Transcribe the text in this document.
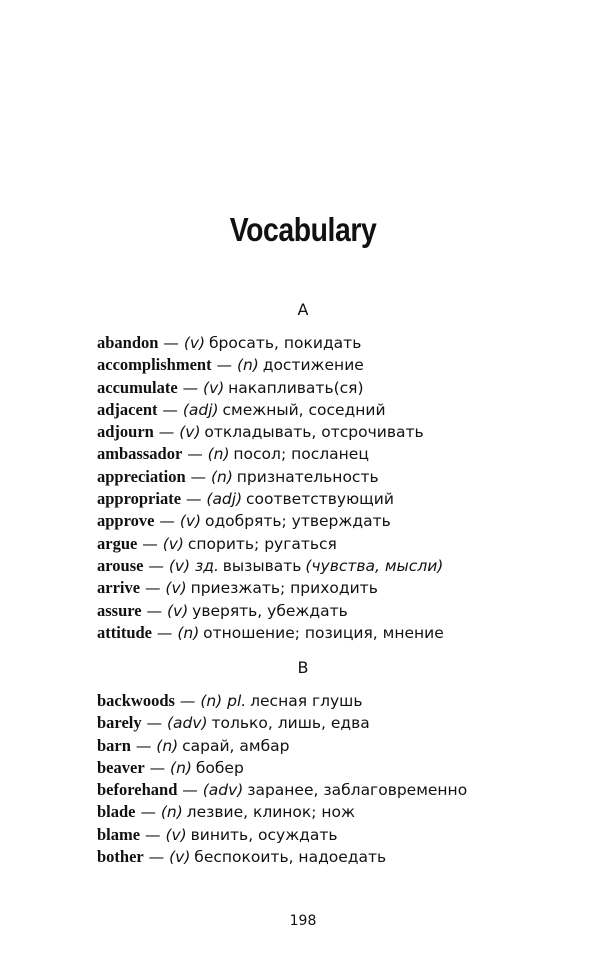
Vocabulary
A
abandon — (v) бросать, покидать
accomplishment — (n) достижение
accumulate — (v) накапливать(ся)
adjacent — (adj) смежный, соседний
adjourn — (v) откладывать, отсрочивать
ambassador — (n) посол; посланец
appreciation — (n) признательность
appropriate — (adj) соответствующий
approve — (v) одобрять; утверждать
argue — (v) спорить; ругаться
arouse — (v) зд. вызывать (чувства, мысли)
arrive — (v) приезжать; приходить
assure — (v) уверять, убеждать
attitude — (n) отношение; позиция, мнение
B
backwoods — (n) pl. лесная глушь
barely — (adv) только, лишь, едва
barn — (n) сарай, амбар
beaver — (n) бобер
beforehand — (adv) заранее, заблаговременно
blade — (n) лезвие, клинок; нож
blame — (v) винить, осуждать
bother — (v) беспокоить, надоедать
198
